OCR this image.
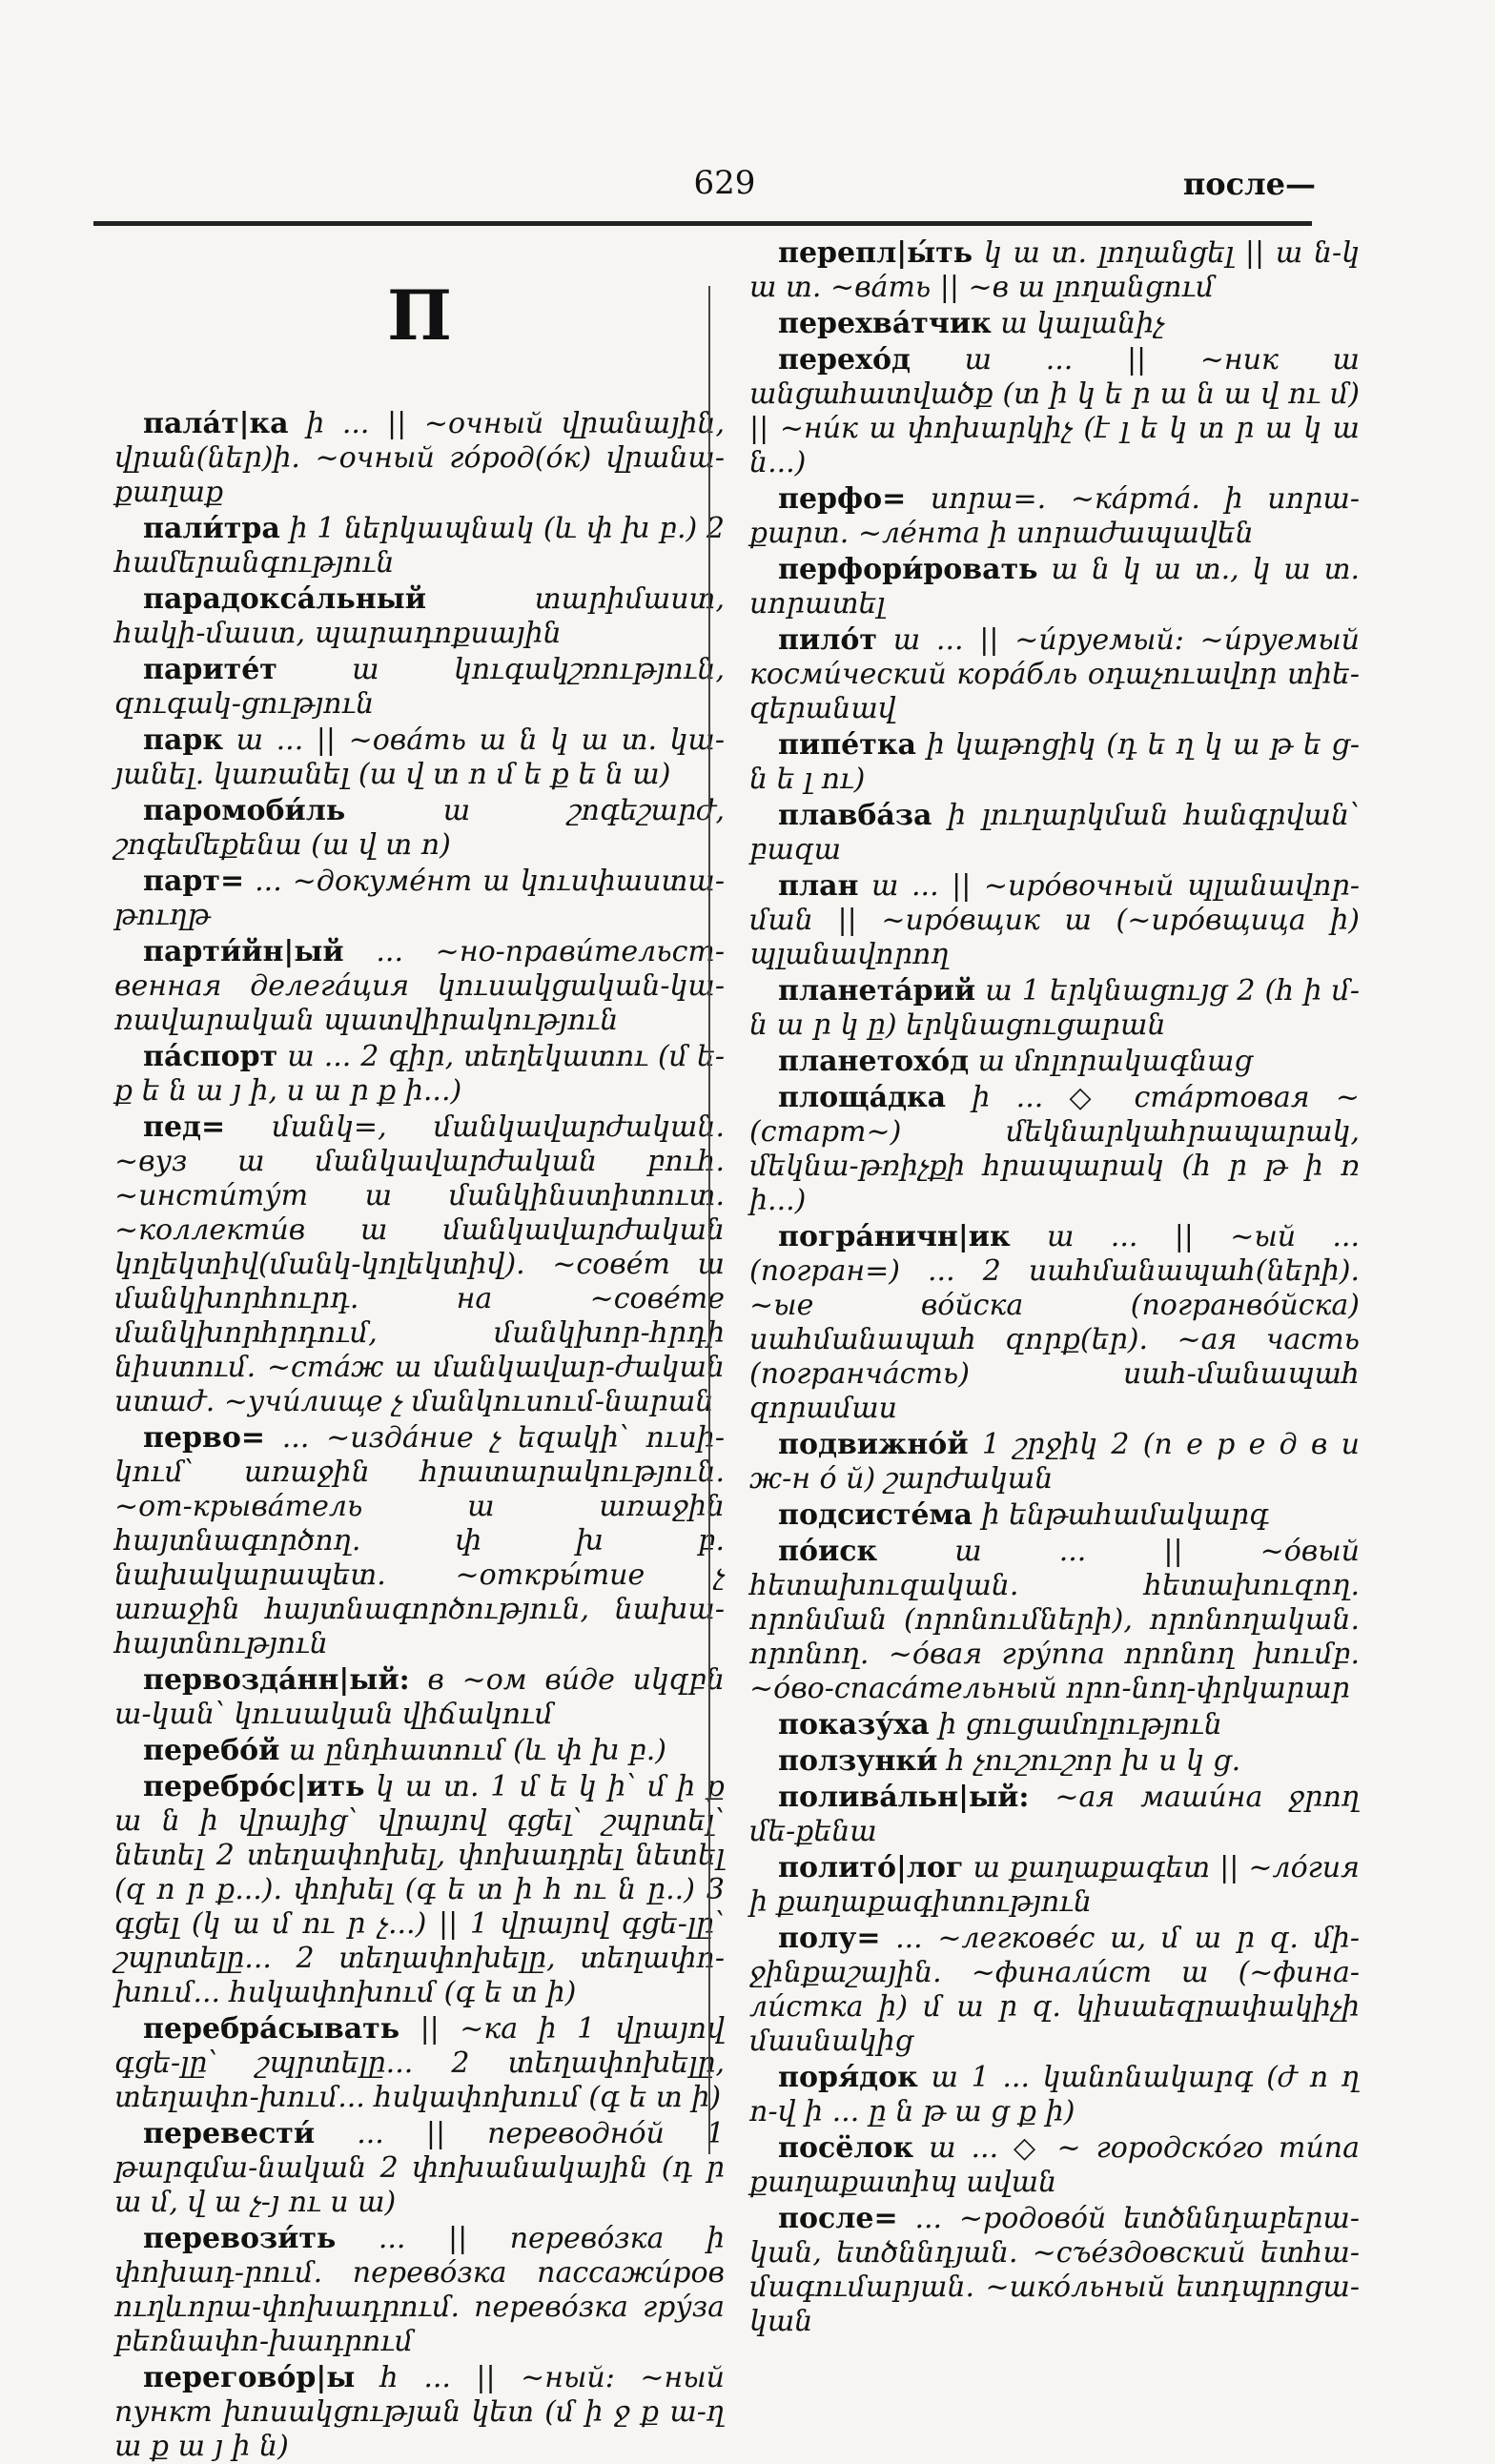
629	после—
П

пала́т|ка ի ... || ~очный վրանային, վրան(ներ)ի. ~очный го́род(о́к) վրանա-քաղաք

пали́тра ի 1 ներկապնակ (և փ խ բ.) 2 համերանգություն

парадокса́льный տարիմաստ, հակի-մաստ, պարադոքսային

парите́т ա կուգակշռություն, զուգակ-ցություն

парк ա ... || ~ова́ть ա ն կ ա տ. կա-յանել. կառանել (ա վ տ ո մ ե ք ե ն ա)

паромоби́ль ա շոգեշարժ, շոգեմեքենա (ա վ տ ո)

парт= ... ~докуме́нт ա կուսփաստա-թուղթ

парти́йн|ый ... ~но-прави́тельст-венная делега́ция կուսակցական-կա-ռավարական պատվիրակություն

па́спорт ա ... 2 գիր, տեղեկատու (մ ե-ք ե ն ա յ ի, ս ա ր ք ի...)

пед= մանկ=, մանկավարժական. ~вуз ա մանկավարժական բուհ. ~инсти́ту́т ա մանկինստիտուտ. ~коллекти́в ա մանկավարժական կոլեկտիվ(մանկ-կոլեկտիվ). ~сове́т ա մանկխորհուրդ. на ~сове́те մանկխորհրդում, մանկխոր-հրդի նիստում. ~ста́ж ա մանկավար-ժական ստաժ. ~учи́лище չ մանկուսում-նարան

перво= ... ~изда́ние չ եզակի՝ ուսի-կում՝ առաջին հրատարակություն. ~от-крыва́тель ա առաջին հայտնագործող. փ խ բ. նախակարապետ. ~откры́тие չ առաջին հայտնագործություն, նախա-հայտնություն

первозда́нн|ый: в ~ом ви́де սկզբն ա-կան՝ կուսական վիճակում

перебо́й ա ընդհատում (և փ խ բ.)

перебро́с|ить կ ա տ. 1 մ ե կ ի՝ մ ի ք ա ն ի վրայից՝ վրայով գցել՝ շպրտել՝ նետել 2 տեղափոխել, փոխադրել նետել (զ ո ր ք...). փոխել (գ ե տ ի հ ու ն ը..) 3 գցել (կ ա մ ու ր չ...) || 1 վրայով գցե-լը՝ շպրտելը... 2 տեղափոխելը, տեղափո-խում... հսկափոխում (գ ե տ ի)

перебра́сывать || ~ка ի 1 վրայով գցե-լը՝ շպրտելը... 2 տեղափոխելը, տեղափո-խում... հսկափոխում (գ ե տ ի)

перевести́ ... || переводно́й 1 թարգմա-նական 2 փոխանակային (դ ր ա մ, վ ա չ-յ ու ս ա)

перевози́ть ... || перево́зка ի փոխադ-րում. перево́зка пассажи́ров ուղևորա-փոխադրում. перево́зка гру́за բեռնափո-խադրում

перегово́р|ы հ ... || ~ный: ~ный пункт խոսակցության կետ (մ ի ջ ք ա-ղ ա ք ա յ ի ն)

перепл|ы́ть կ ա տ. լողանցել || ա ն-կ ա տ. ~ва́ть || ~в ա լողանցում

перехва́тчик ա կալանիչ

перехо́д ա ... || ~ник ա անցահատվածք (տ ի կ ե ր ա ն ա վ ու մ) || ~ни́к ա փոխարկիչ (է լ ե կ տ ր ա կ ա ն...)

перфо= սորա=. ~ка́рта́. ի սորա-քարտ. ~ле́нта ի սորաժապավեն

перфори́ровать ա ն կ ա տ., կ ա տ. սորատել

пило́т ա ... || ~и́руемый: ~и́руемый косми́ческий кора́бль օդաչուավոր տիե-զերանավ

пипе́тка ի կաթոցիկ (դ ե ղ կ ա թ ե ց-ն ե լ ու)

плавба́за ի լուղարկման հանգրվան՝ բազա

план ա ... || ~иро́вочный պլանավոր-ման || ~иро́вщик ա (~иро́вщица ի) պլանավորող

планета́рий ա 1 երկնացույց 2 (հ ի մ-ն ա ր կ ը) երկնացուցարան

планетохо́д ա մոլորակագնաց

площа́дка ի ... ◇ ста́ртовая ~ (старт~) մեկնարկահրապարակ, մեկնա-թռիչքի հրապարակ (հ ր թ ի ռ ի...)

погра́ничн|ик ա ... || ~ый ... (погран=) ... 2 սահմանապահ(ների). ~ые во́йска (погранво́йска) սահմանապահ զորք(եր). ~ая часть (погранча́сть) սահ-մանապահ զորամաս

подвижно́й 1 շրջիկ 2 (п е р е д в и ж-н ó й) շարժական

подсисте́ма ի ենթահամակարգ

по́иск ա ... || ~о́вый հետախուզական. հետախուզող. որոնման (որոնումների), որոնողական. որոնող. ~о́вая гру́ппа որոնող խումբ. ~о́во-спаса́тельный որո-նող-փրկարար

показу́ха ի ցուցամոլություն

ползунки́ հ չուշուշոր խ ս կ ց.

полива́льн|ый: ~ая маши́на ջրող մե-քենա

полито́|лог ա քաղաքագետ || ~ло́гия ի քաղաքագիտություն

полу= ... ~легкове́с ա, մ ա ր զ. մի-ջինքաշային. ~финали́ст ա (~фина-ли́стка ի) մ ա ր զ. կիսաեզրափակիչի մասնակից

поря́док ա 1 ... կանոնակարգ (ժ ո ղ ո-վ ի ... ը ն թ ա ց ք ի)

посёлок ա ... ◇ ~ городско́го ти́па քաղաքատիպ ավան

после= ... ~родово́й ետծննդաբերա-կան, ետծննդյան. ~съе́здовский ետհա-մագումարյան. ~шко́льный ետդպրոցա-կան
